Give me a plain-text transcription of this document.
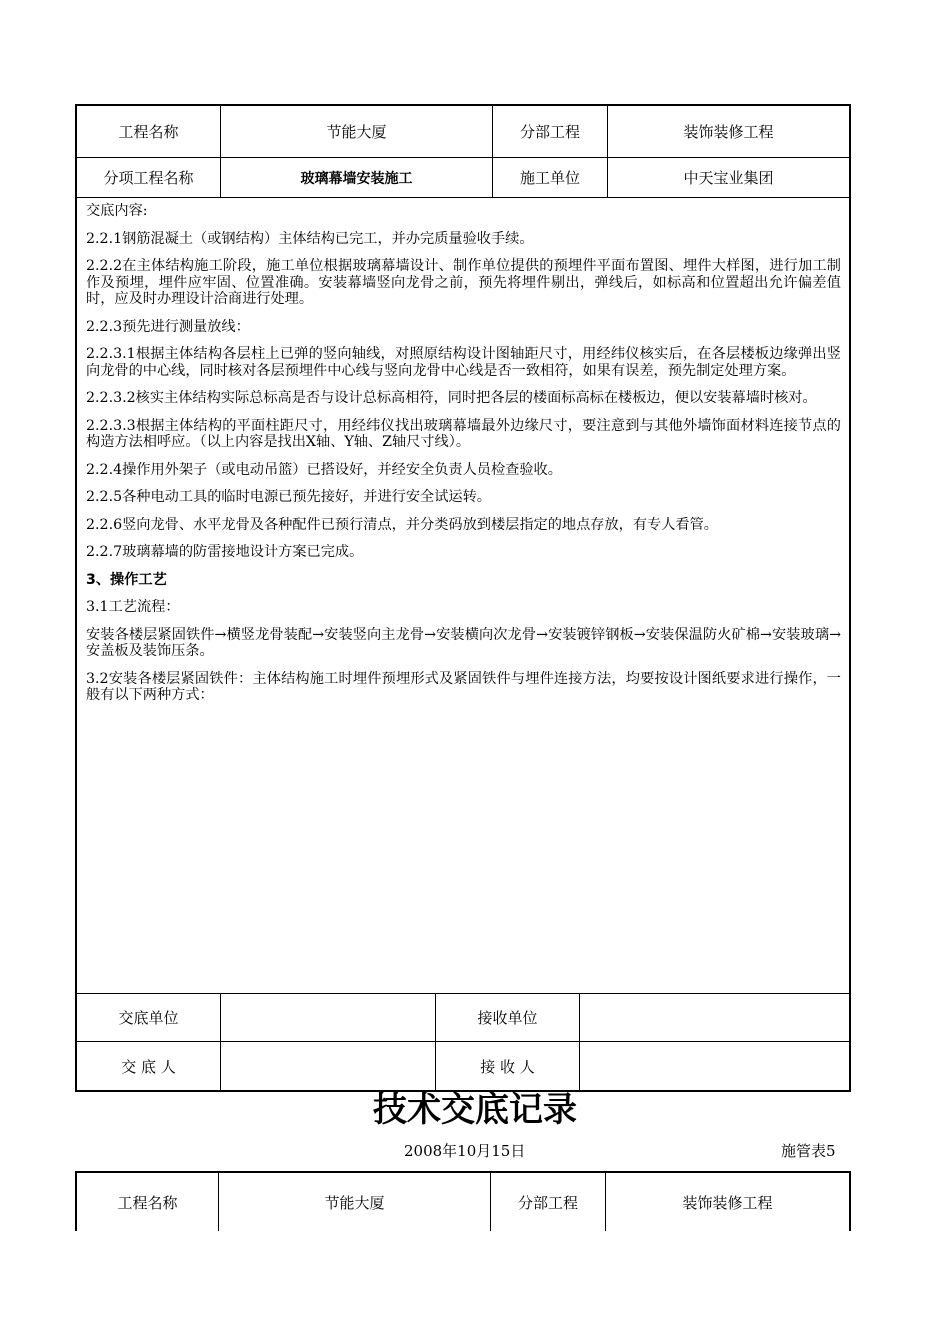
工程名称	节能大厦	分部工程	装饰装修工程
分项工程名称	玻璃幕墙安装施工	施工单位	中天宝业集团

交底内容:

2.2.1钢筋混凝土（或钢结构）主体结构已完工，并办完质量验收手续。

2.2.2在主体结构施工阶段，施工单位根据玻璃幕墙设计、制作单位提供的预埋件平面布置图、埋件大样图，进行加工制作及预埋，埋件应牢固、位置准确。安装幕墙竖向龙骨之前，预先将埋件剔出，弹线后，如标高和位置超出允许偏差值时，应及时办理设计洽商进行处理。

2.2.3预先进行测量放线：

2.2.3.1根据主体结构各层柱上已弹的竖向轴线，对照原结构设计图轴距尺寸，用经纬仪核实后，在各层楼板边缘弹出竖向龙骨的中心线，同时核对各层预埋件中心线与竖向龙骨中心线是否一致相符，如果有误差，预先制定处理方案。

2.2.3.2核实主体结构实际总标高是否与设计总标高相符，同时把各层的楼面标高标在楼板边，便以安装幕墙时核对。

2.2.3.3根据主体结构的平面柱距尺寸，用经纬仪找出玻璃幕墙最外边缘尺寸，要注意到与其他外墙饰面材料连接节点的构造方法相呼应。（以上内容是找出X轴、Y轴、Z轴尺寸线）。

2.2.4操作用外架子（或电动吊篮）已搭设好，并经安全负责人员检查验收。

2.2.5各种电动工具的临时电源已预先接好，并进行安全试运转。

2.2.6竖向龙骨、水平龙骨及各种配件已预行清点，并分类码放到楼层指定的地点存放，有专人看管。

2.2.7玻璃幕墙的防雷接地设计方案已完成。

3、操作工艺

3.1工艺流程：

安装各楼层紧固铁件→横竖龙骨装配→安装竖向主龙骨→安装横向次龙骨→安装镀锌钢板→安装保温防火矿棉→安装玻璃→安盖板及装饰压条。

3.2安装各楼层紧固铁件：主体结构施工时埋件预埋形式及紧固铁件与埋件连接方法，均要按设计图纸要求进行操作，一般有以下两种方式：

交底单位	接收单位
交 底 人	接 收 人
技术交底记录
2008年10月15日	施管表5
工程名称	节能大厦	分部工程	装饰装修工程
